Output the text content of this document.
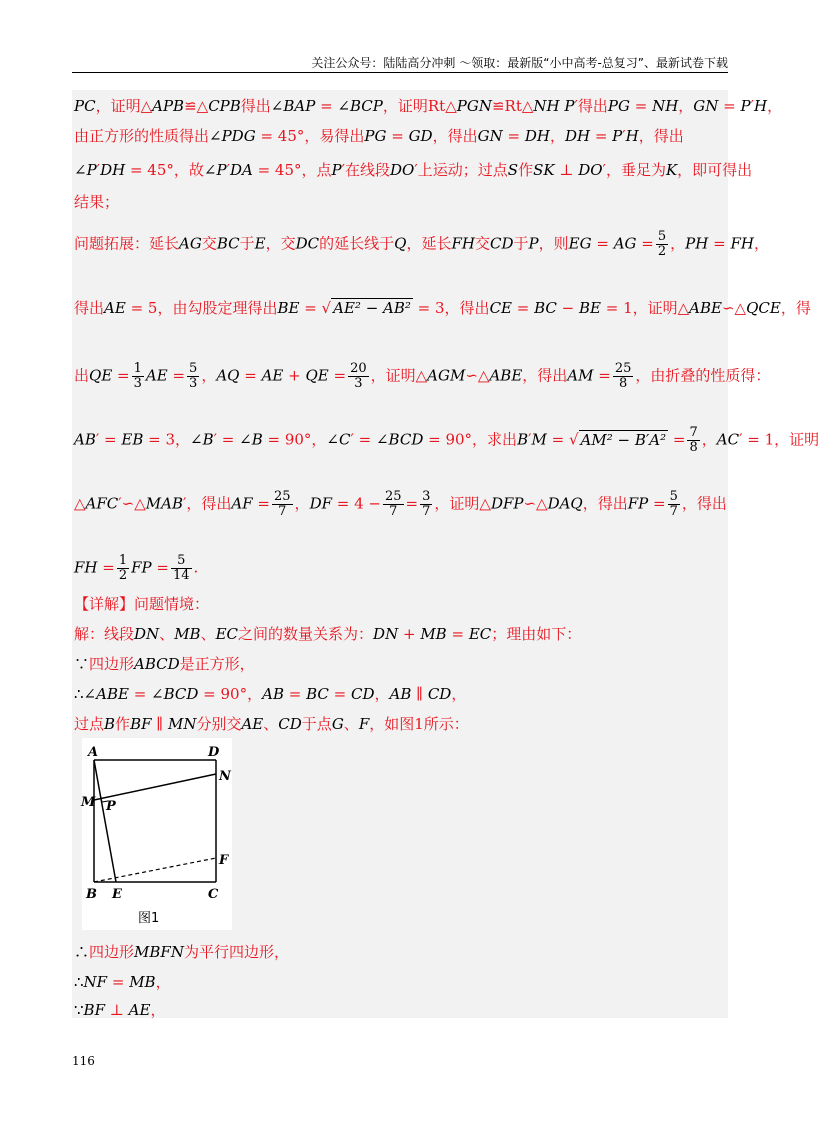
关注公众号：陆陆高分冲刺 〜领取：最新版“小中高考-总复习”、最新试卷下载
PC，证明△APB≌△CPB得出∠BAP = ∠BCP，证明Rt△PGN≌Rt△NH P′得出PG = NH，GN = P′H，
由正方形的性质得出∠PDG = 45°，易得出PG = GD，得出GN = DH，DH = P′H，得出
∠P′DH = 45°，故∠P′DA = 45°，点P′在线段DO′上运动；过点S作SK ⊥ DO′，垂足为K，即可得出
结果；
问题拓展：延长AG交BC于E，交DC的延长线于Q，延长FH交CD于P，则EG = AG = $\frac{5}{2}$ ，PH = FH，
得出AE = 5，由勾股定理得出BE = √ AE² − AB² = 3，得出CE = BC − BE = 1，证明△ABE∽△QCE，得
出QE = $\frac{1}{3}$ AE = $\frac{5}{3}$ ，AQ = AE + QE = $\frac{20}{3}$ ，证明△AGM∽△ABE，得出AM = $\frac{25}{8}$ ，由折叠的性质得：
AB′ = EB = 3，∠B′ = ∠B = 90°，∠C′ = ∠BCD = 90°，求出B′M = √ $AM^2 - B'A^2 = \frac{7}{8}$ ，AC′ = 1，证明
△AFC′∽△MAB′，得出AF = $\frac{25}{7}$ ，DF = $4 - \frac{25}{7} = \frac{3}{7}$ ，证明△DFP∽△DAQ，得出FP = $\frac{5}{7}$ ，得出
FH = $\frac{1}{2}$ FP = $\frac{5}{14}$ .
【详解】问题情境：
解：线段DN、MB、EC之间的数量关系为：DN + MB = EC；理由如下：
∵四边形ABCD是正方形，
∴∠ABE = ∠BCD = 90°，AB = BC = CD，AB ∥ CD，
过点B作BF ∥ MN分别交AE、CD于点G、F，如图1所示：
∴四边形MBFN为平行四边形，
∴NF = MB，
∵BF ⊥ AE，
A	D
N
M P
F
B E	C
图1
116
